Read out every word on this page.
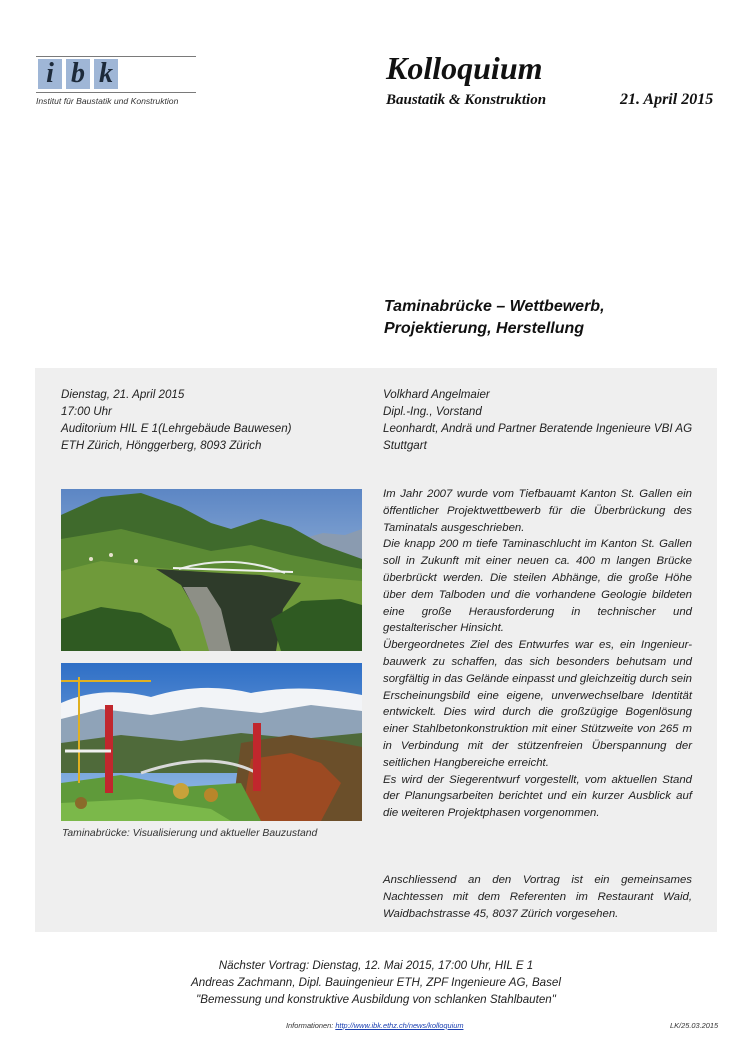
i b k
Institut für Baustatik und Konstruktion
Kolloquium
Baustatik & Konstruktion	21. April 2015
Taminabrücke – Wettbewerb, Projektierung, Herstellung
Dienstag, 21. April 2015
17:00 Uhr
Auditorium HIL E 1(Lehrgebäude Bauwesen)
ETH Zürich, Hönggerberg, 8093 Zürich
Volkhard Angelmaier
Dipl.-Ing., Vorstand
Leonhardt, Andrä und Partner Beratende Ingenieure VBI AG
Stuttgart
Taminabrücke: Visualisierung und aktueller Bauzustand

Im Jahr 2007 wurde vom Tiefbauamt Kanton St. Gallen ein öffentlicher Projektwettbewerb für die Überbrückung des Taminatals ausgeschrieben.

Die knapp 200 m tiefe Taminaschlucht im Kanton St. Gallen soll in Zukunft mit einer neuen ca. 400 m langen Brücke überbrückt werden. Die steilen Abhänge, die große Höhe über dem Talboden und die vorhandene Geologie bildeten eine große Herausforderung in technischer und gestalterischer Hinsicht.

Übergeordnetes Ziel des Entwurfes war es, ein Ingenieur-bauwerk zu schaffen, das sich besonders behutsam und sorgfältig in das Gelände einpasst und gleichzeitig durch sein Erscheinungsbild eine eigene, unverwechselbare Identität entwickelt. Dies wird durch die großzügige Bogenlösung einer Stahlbetonkonstruktion mit einer Stützweite von 265 m in Verbindung mit der stützenfreien Überspannung der seitlichen Hangbereiche erreicht.

Es wird der Siegerentwurf vorgestellt, vom aktuellen Stand der Planungsarbeiten berichtet und ein kurzer Ausblick auf die weiteren Projektphasen vorgenommen.

Anschliessend an den Vortrag ist ein gemeinsames Nachtessen mit dem Referenten im Restaurant Waid, Waidbachstrasse 45, 8037 Zürich vorgesehen.

Nächster Vortrag: Dienstag, 12. Mai 2015, 17:00 Uhr, HIL E 1
Andreas Zachmann, Dipl. Bauingenieur ETH, ZPF Ingenieure AG, Basel
"Bemessung und konstruktive Ausbildung von schlanken Stahlbauten"
Informationen: http://www.ibk.ethz.ch/news/kolloquium	LK/25.03.2015
